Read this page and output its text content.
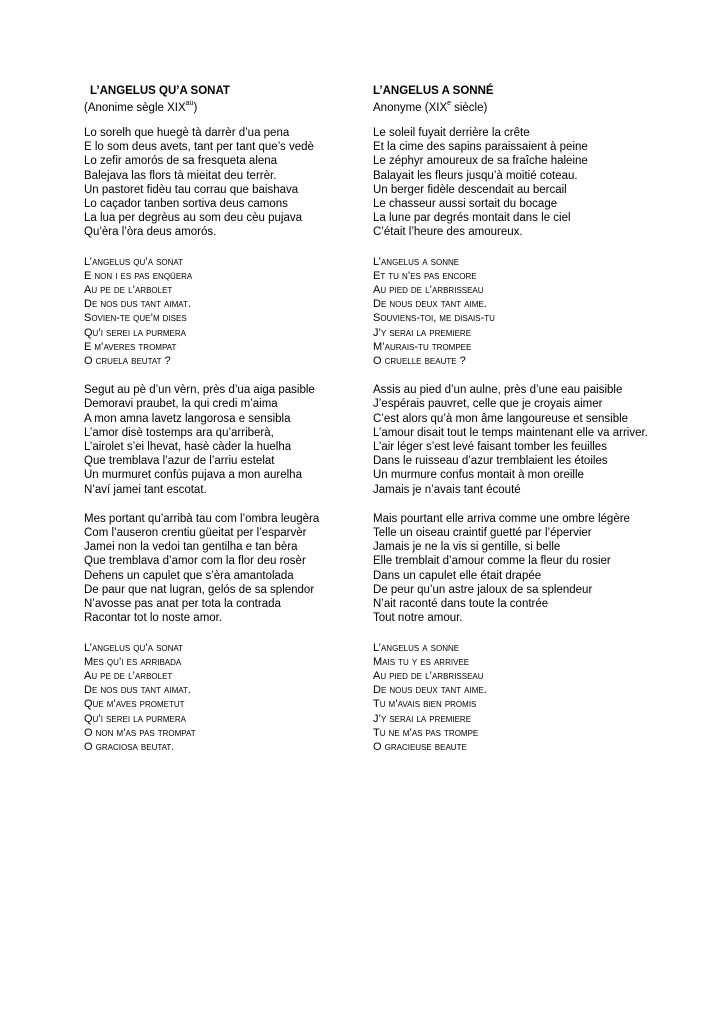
L’ANGELUS QU’A SONAT
(Anonime sègle $XIX^{au}$)
Lo sorelh que huegè tà darrèr d’ua pena
E lo som deus avets, tant per tant que’s vedè
Lo zefir amorós de sa fresqueta alena
Balejava las flors tà mieitat deu terrèr.
Un pastoret fidèu tau corrau que baishava
Lo caçador tanben sortiva deus camons
La lua per degrèus au som deu cèu pujava
Qu’èra l’òra deus amorós.
L’angelus qu’a sonat
E non i es pas enqüera
Au pe de l’arbolet
De nos dus tant aimat.
Sovien-te que’m dises
Qu’i serei la purmera
E m’averes trompat
O cruela beutat ?
Segut au pè d’un vèrn, près d’ua aiga pasible
Demoravi praubet, la qui credi m’aima
A mon amna lavetz langorosa e sensibla
L’amor disè tostemps ara qu’arriberà,
L’airolet s’ei lhevat, hasè càder la huelha
Que tremblava l’azur de l’arriu estelat
Un murmuret confús pujava a mon aurelha
N’aví jamei tant escotat.
Mes portant qu’arribà tau com l’ombra leugèra
Com l’auseron crentiu güeitat per l’esparvèr
Jamei non la vedoi tan gentilha e tan bèra
Que tremblava d’amor com la flor deu rosèr
Dehens un capulet que s’èra amantolada
De paur que nat lugran, gelós de sa splendor
N’avosse pas anat per tota la contrada
Racontar tot lo noste amor.
L’angelus qu’a sonat
Mes qu’i es arribada
Au pe de l’arbolet
De nos dus tant aimat.
Que m’aves prometut
Qu’i serei la purmera
O non m’as pas trompat
O graciosa beutat.
L’ANGELUS A SONNÉ
Anonyme (XIXe siècle)
Le soleil fuyait derrière la crête
Et la cime des sapins paraissaient à peine
Le zéphyr amoureux de sa fraîche haleine
Balayait les fleurs jusqu’à moitié coteau.
Un berger fidèle descendait au bercail
Le chasseur aussi sortait du bocage
La lune par degrés montait dans le ciel
C’était l’heure des amoureux.
L’angelus a sonne
Et tu n’es pas encore
Au pied de l’arbrisseau
De nous deux tant aime.
Souviens-toi, me disais-tu
J’y serai la premiere
M’aurais-tu trompee
O cruelle beaute ?
Assis au pied d’un aulne, près d’une eau paisible
J’espérais pauvret, celle que je croyais aimer
C’est alors qu’à mon âme langoureuse et sensible
L’amour disait tout le temps maintenant elle va arriver.
L’air léger s’est levé faisant tomber les feuilles
Dans le ruisseau d’azur tremblaient les étoiles
Un murmure confus montait à mon oreille
Jamais je n’avais tant écouté
Mais pourtant elle arriva comme une ombre légère
Telle un oiseau craintif guetté par l’épervier
Jamais je ne la vis si gentille, si belle
Elle tremblait d’amour comme la fleur du rosier
Dans un capulet elle était drapée
De peur qu’un astre jaloux de sa splendeur
N’ait raconté dans toute la contrée
Tout notre amour.
L’angelus a sonne
Mais tu y es arrivee
Au pied de l’arbrisseau
De nous deux tant aime.
Tu m’avais bien promis
J’y serai la premiere
Tu ne m’as pas trompe
O gracieuse beaute
